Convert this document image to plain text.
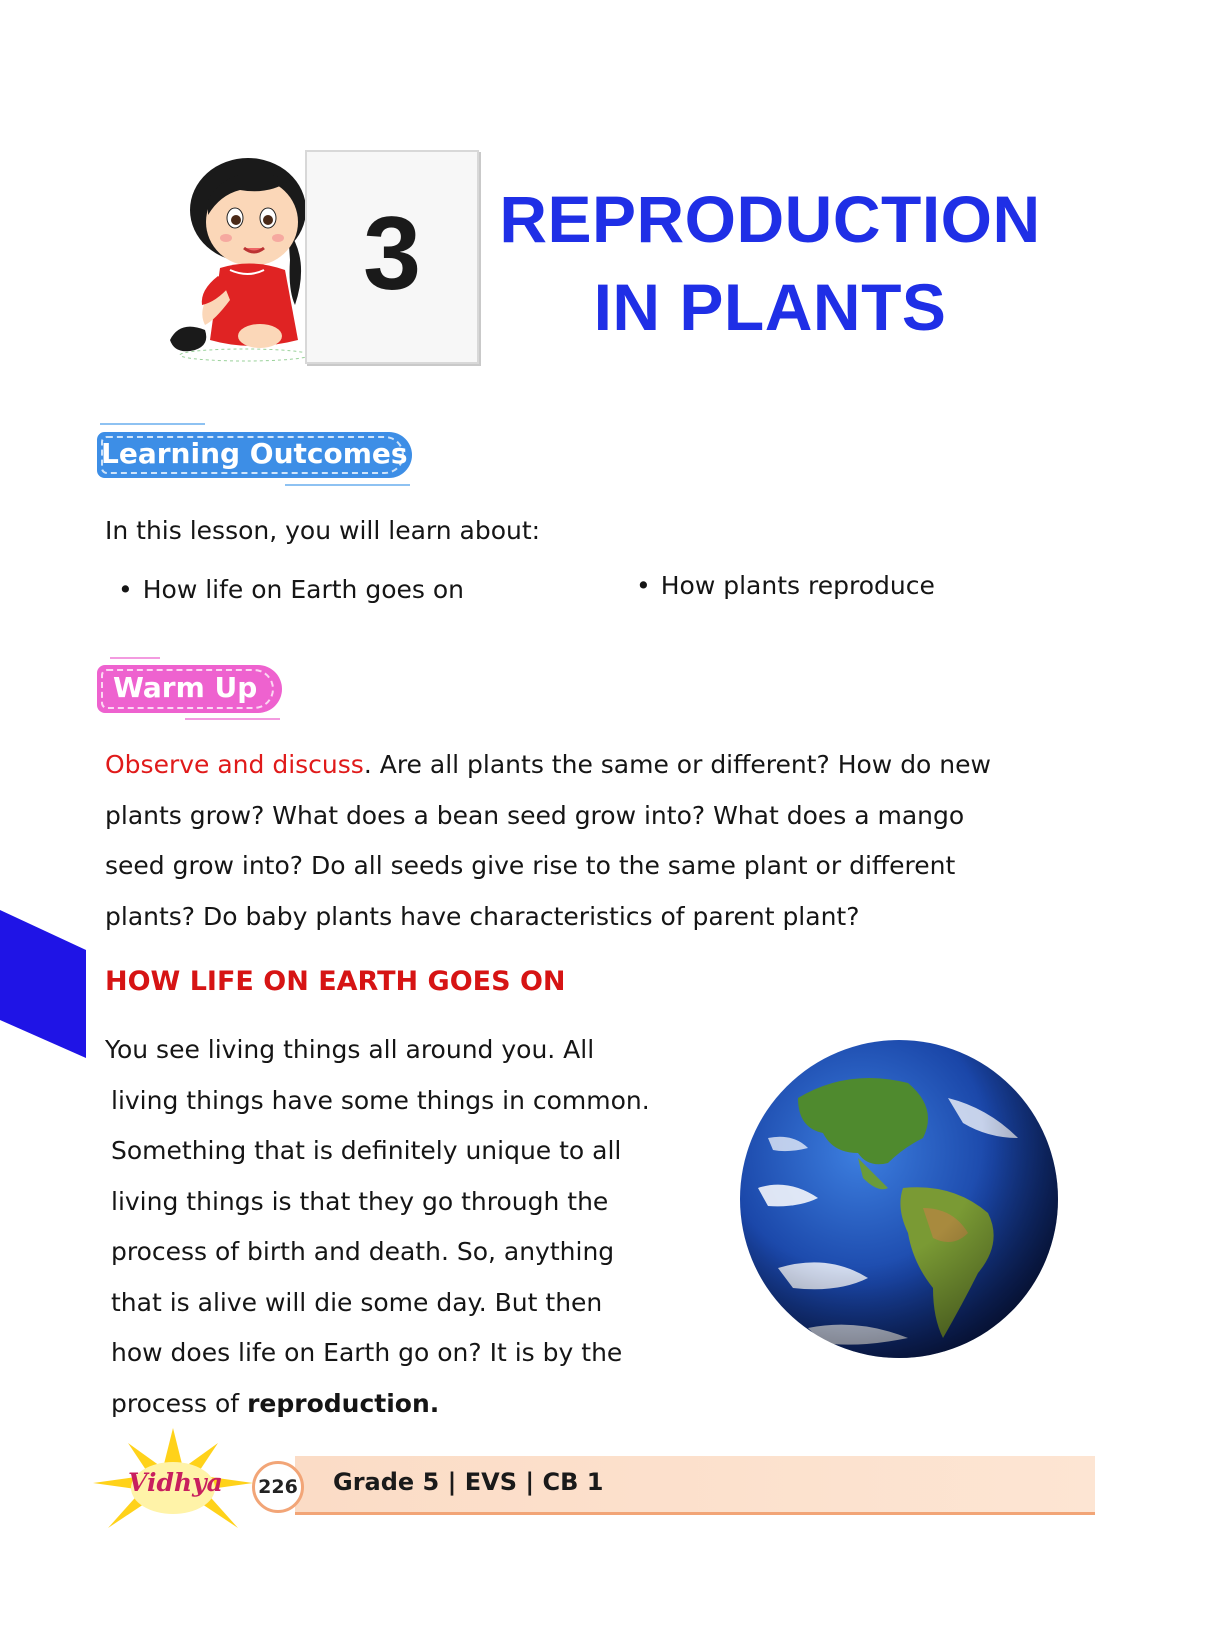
3	REPRODUCTION
IN PLANTS
Learning Outcomes
In this lesson, you will learn about:
• How life on Earth goes on	• How plants reproduce
Warm Up
Observe and discuss. Are all plants the same or different? How do new
plants grow? What does a bean seed grow into? What does a mango
seed grow into? Do all seeds give rise to the same plant or different
plants? Do baby plants have characteristics of parent plant?
HOW LIFE ON EARTH GOES ON
You see living things all around you. All
living things have some things in common.
Something that is definitely unique to all
living things is that they go through the
process of birth and death. So, anything
that is alive will die some day. But then
how does life on Earth go on? It is by the
process of reproduction.
Grade 5 | EVS | CB 1
226
Vidhya
